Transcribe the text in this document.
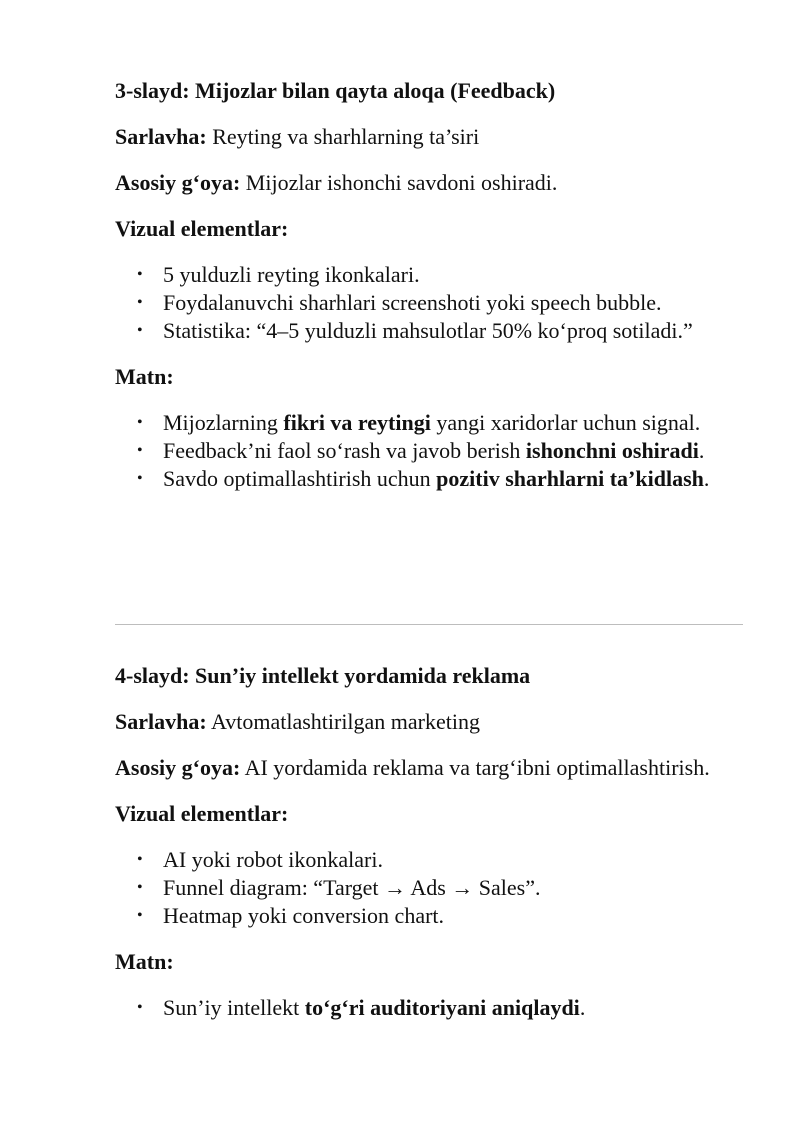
3-slayd: Mijozlar bilan qayta aloqa (Feedback)

Sarlavha: Reyting va sharhlarning ta’siri

Asosiy g‘oya: Mijozlar ishonchi savdoni oshiradi.

Vizual elementlar:

• 5 yulduzli reyting ikonkalari.
• Foydalanuvchi sharhlari screenshoti yoki speech bubble.
• Statistika: “4–5 yulduzli mahsulotlar 50% ko‘proq sotiladi.”

Matn:

• Mijozlarning fikri va reytingi yangi xaridorlar uchun signal.
• Feedback’ni faol so‘rash va javob berish ishonchni oshiradi.
• Savdo optimallashtirish uchun pozitiv sharhlarni ta’kidlash.
4-slayd: Sun’iy intellekt yordamida reklama

Sarlavha: Avtomatlashtirilgan marketing

Asosiy g‘oya: AI yordamida reklama va targ‘ibni optimallashtirish.

Vizual elementlar:

• AI yoki robot ikonkalari.
• Funnel diagram: “Target → Ads → Sales”.
• Heatmap yoki conversion chart.

Matn:

• Sun’iy intellekt to‘g‘ri auditoriyani aniqlaydi.
